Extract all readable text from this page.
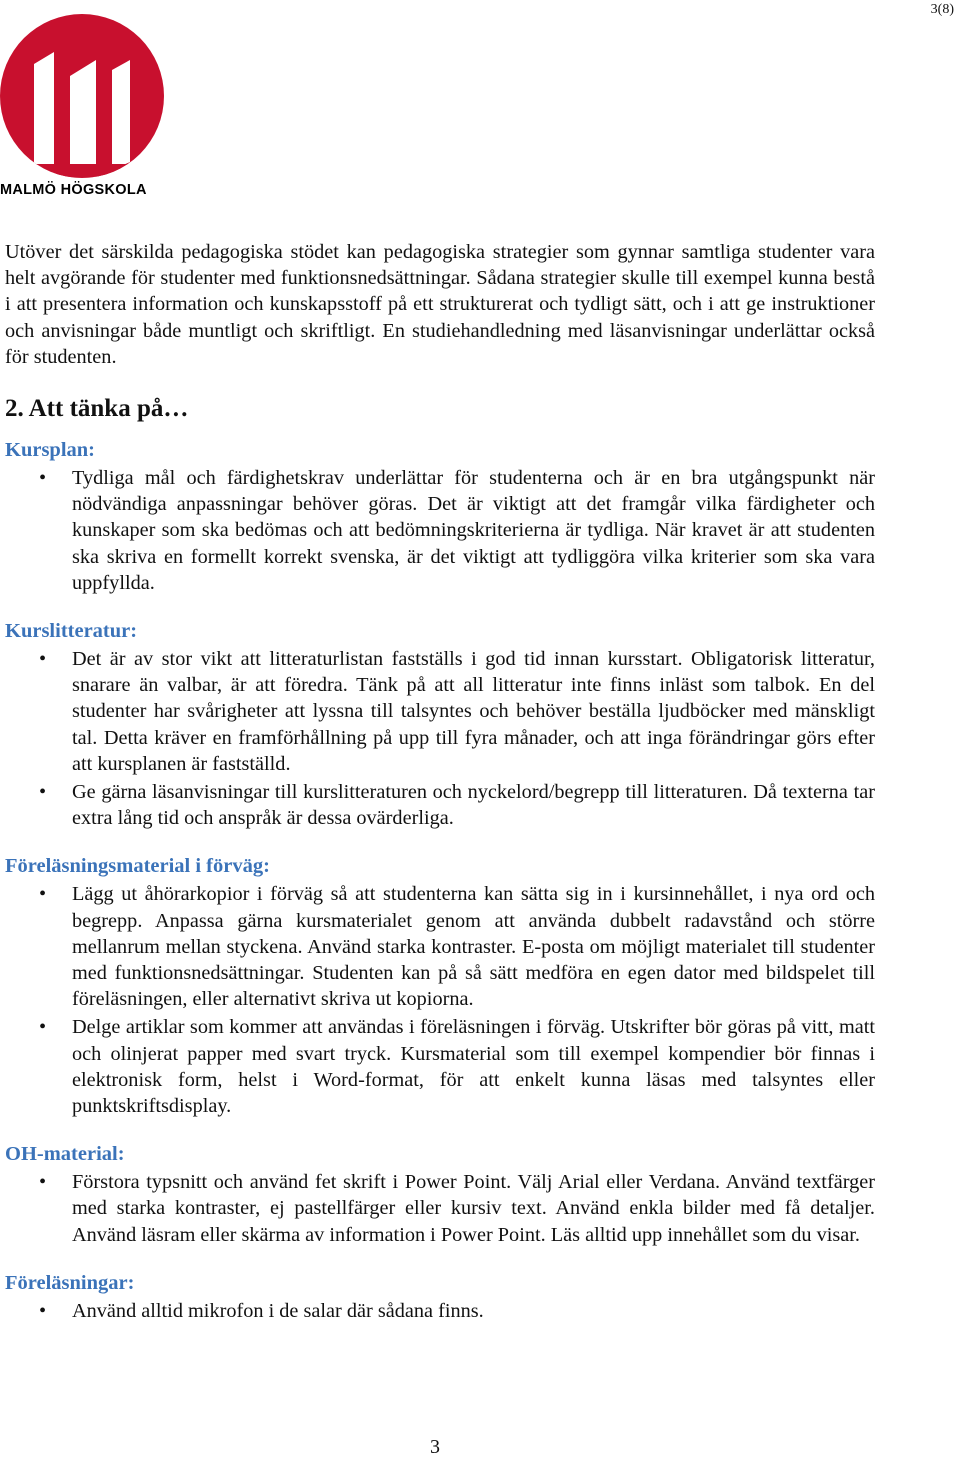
3(8)
MALMÖ HÖGSKOLA

Utöver det särskilda pedagogiska stödet kan pedagogiska strategier som gynnar samtliga studenter vara helt avgörande för studenter med funktionsnedsättningar. Sådana strategier skulle till exempel kunna bestå i att presentera information och kunskapsstoff på ett strukturerat och tydligt sätt, och i att ge instruktioner och anvisningar både muntligt och skriftligt. En studiehandledning med läsanvisningar underlättar också för studenten.

2. Att tänka på…
Kursplan:
• Tydliga mål och färdighetskrav underlättar för studenterna och är en bra utgångspunkt när nödvändiga anpassningar behöver göras. Det är viktigt att det framgår vilka färdigheter och kunskaper som ska bedömas och att bedömningskriterierna är tydliga. När kravet är att studenten ska skriva en formellt korrekt svenska, är det viktigt att tydliggöra vilka kriterier som ska vara uppfyllda.
Kurslitteratur:
• Det är av stor vikt att litteraturlistan fastställs i god tid innan kursstart. Obligatorisk litteratur, snarare än valbar, är att föredra. Tänk på att all litteratur inte finns inläst som talbok. En del studenter har svårigheter att lyssna till talsyntes och behöver beställa ljudböcker med mänskligt tal. Detta kräver en framförhållning på upp till fyra månader, och att inga förändringar görs efter att kursplanen är fastställd.
• Ge gärna läsanvisningar till kurslitteraturen och nyckelord/begrepp till litteraturen. Då texterna tar extra lång tid och anspråk är dessa ovärderliga.
Föreläsningsmaterial i förväg:
• Lägg ut åhörarkopior i förväg så att studenterna kan sätta sig in i kursinnehållet, i nya ord och begrepp. Anpassa gärna kursmaterialet genom att använda dubbelt radavstånd och större mellanrum mellan styckena. Använd starka kontraster. E-posta om möjligt materialet till studenter med funktionsnedsättningar. Studenten kan på så sätt medföra en egen dator med bildspelet till föreläsningen, eller alternativt skriva ut kopiorna.
• Delge artiklar som kommer att användas i föreläsningen i förväg. Utskrifter bör göras på vitt, matt och olinjerat papper med svart tryck. Kursmaterial som till exempel kompendier bör finnas i elektronisk form, helst i Word-format, för att enkelt kunna läsas med talsyntes eller punktskriftsdisplay.
OH-material:
• Förstora typsnitt och använd fet skrift i Power Point. Välj Arial eller Verdana. Använd textfärger med starka kontraster, ej pastellfärger eller kursiv text. Använd enkla bilder med få detaljer. Använd läsram eller skärma av information i Power Point. Läs alltid upp innehållet som du visar.
Föreläsningar:
• Använd alltid mikrofon i de salar där sådana finns.
3
